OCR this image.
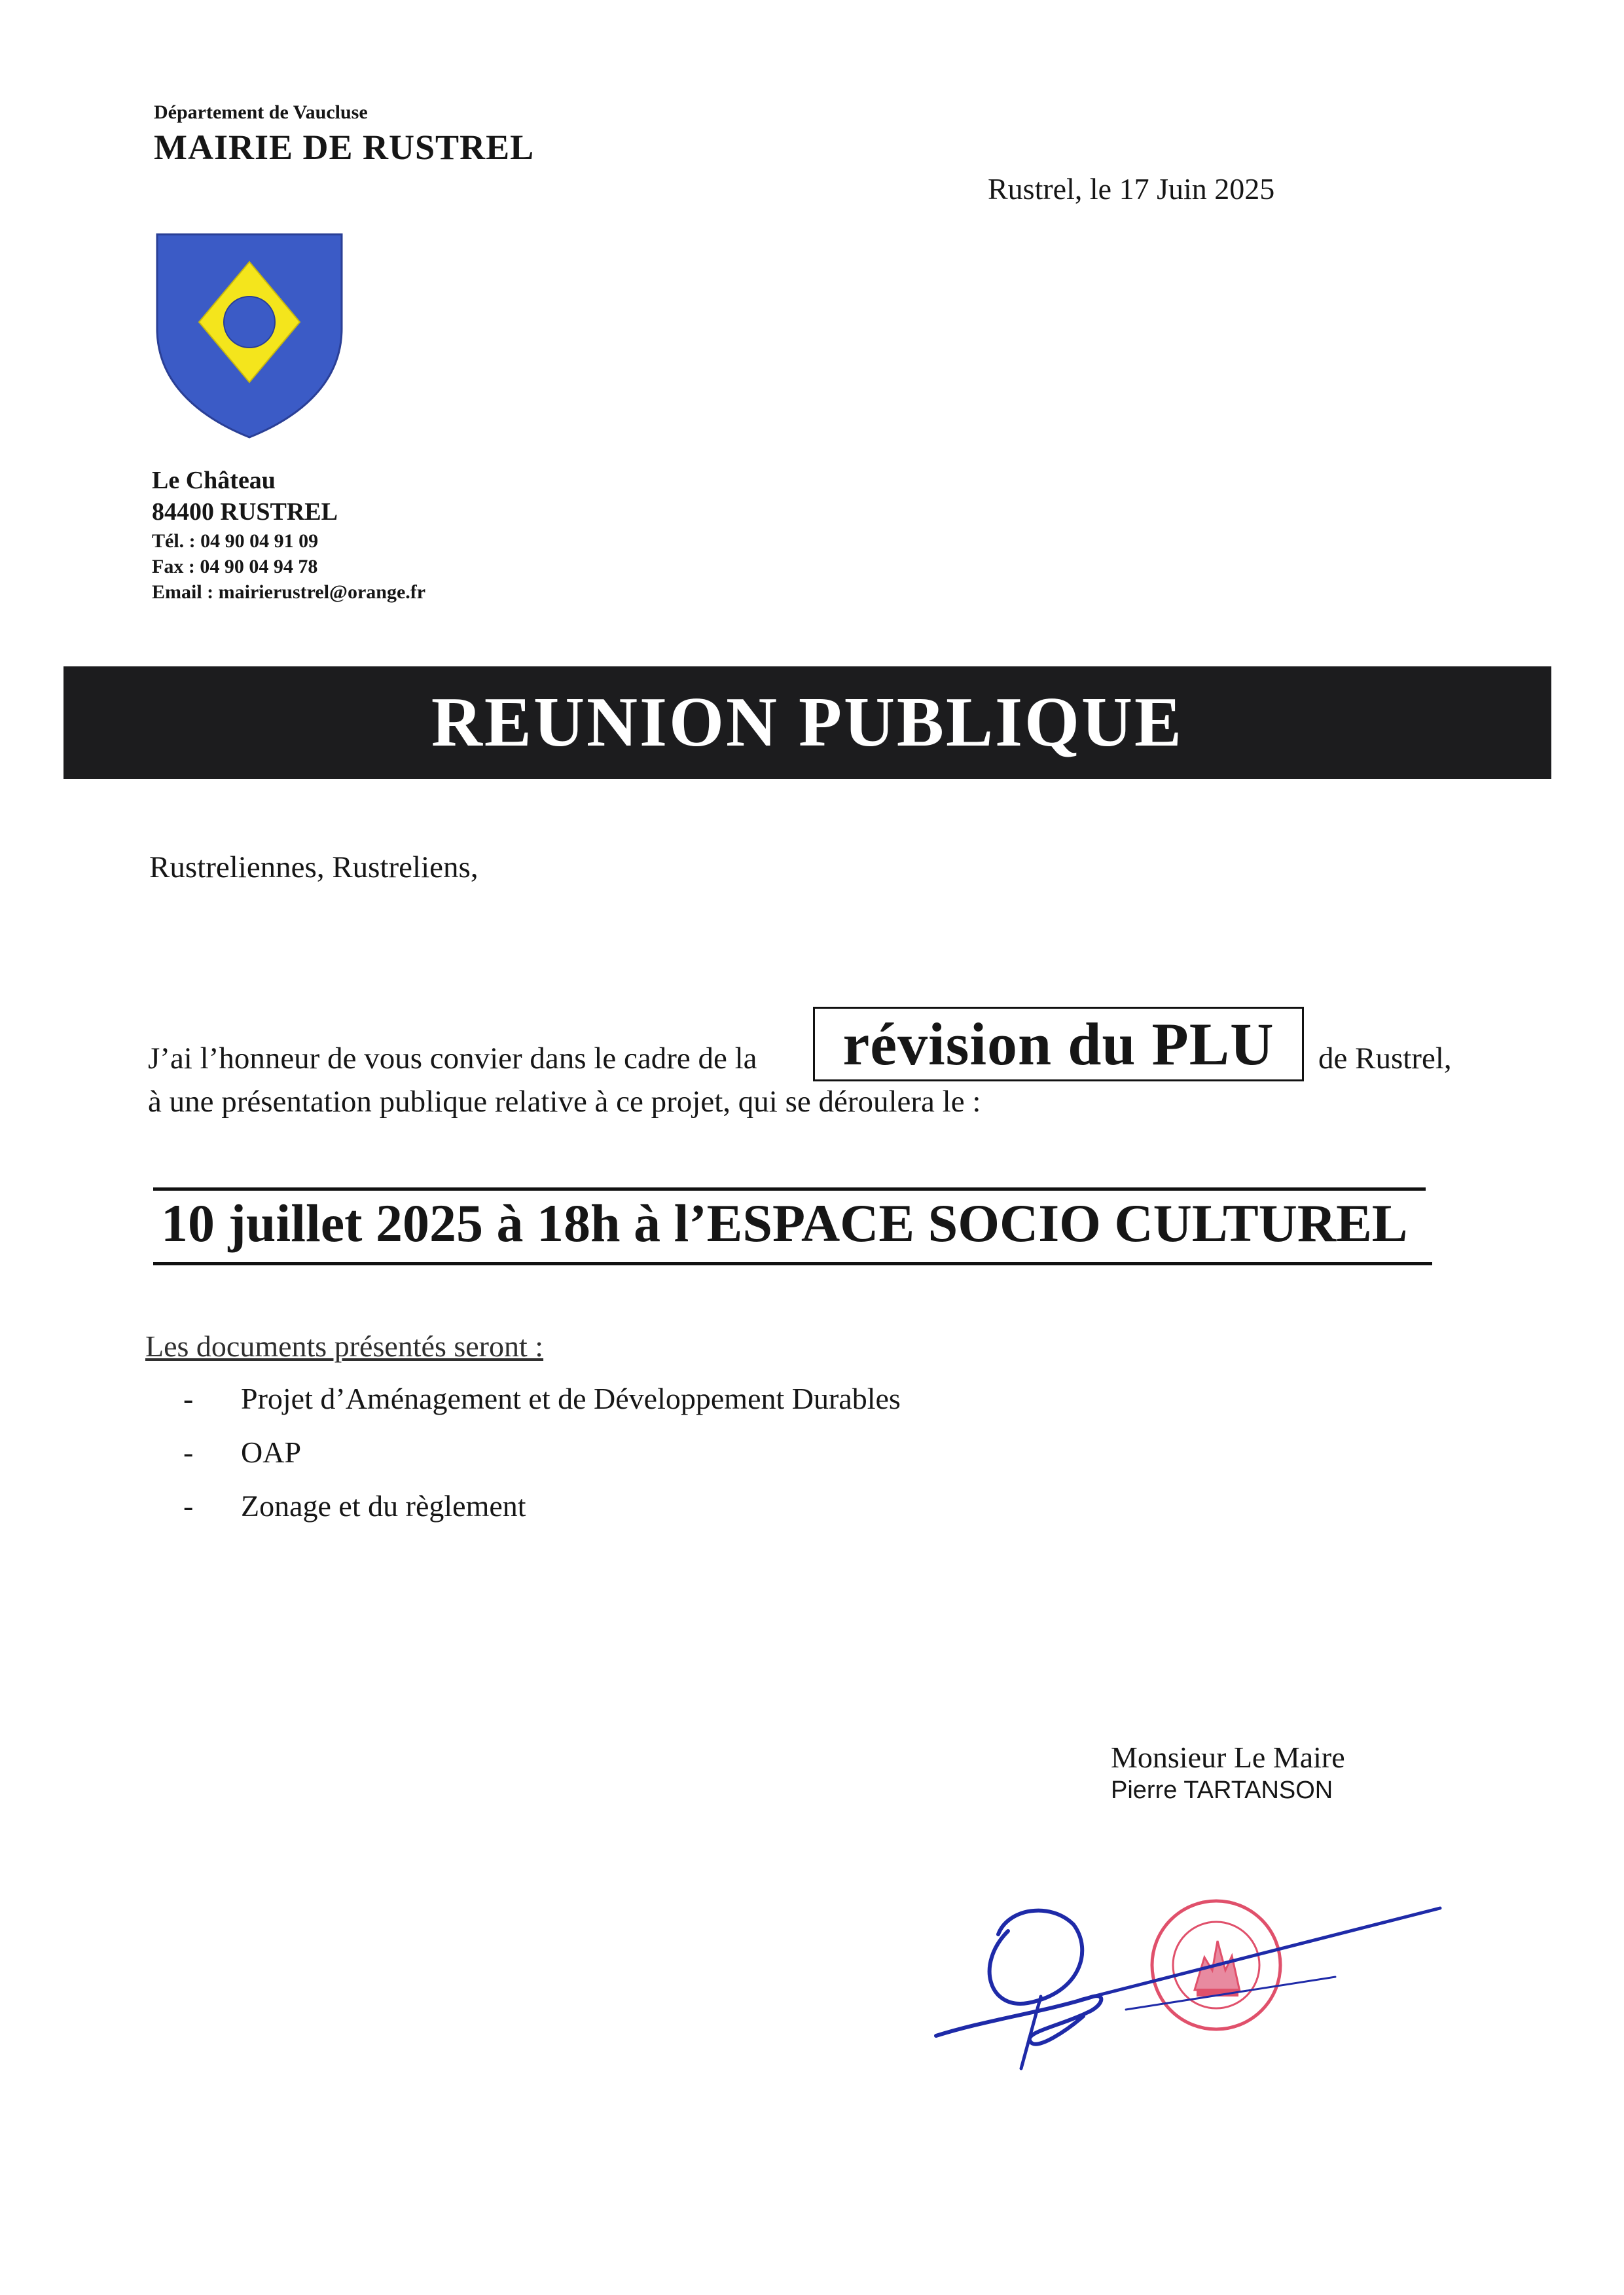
Département de Vaucluse

MAIRIE DE RUSTREL

Rustrel, le 17 Juin 2025

Le Château

84400 RUSTREL

Tél. : 04 90 04 91 09

Fax : 04 90 04 94 78

Email : mairierustrel@orange.fr

REUNION PUBLIQUE

Rustreliennes, Rustreliens,

J’ai l’honneur de vous convier dans le cadre de la révision du PLU de Rustrel,

à une présentation publique relative à ce projet, qui se déroulera le :

10 juillet 2025 à 18h à l’ESPACE SOCIO CULTUREL

Les documents présentés seront :

- Projet d’Aménagement et de Développement Durables
- OAP
- Zonage et du règlement

Monsieur Le Maire

Pierre TARTANSON
